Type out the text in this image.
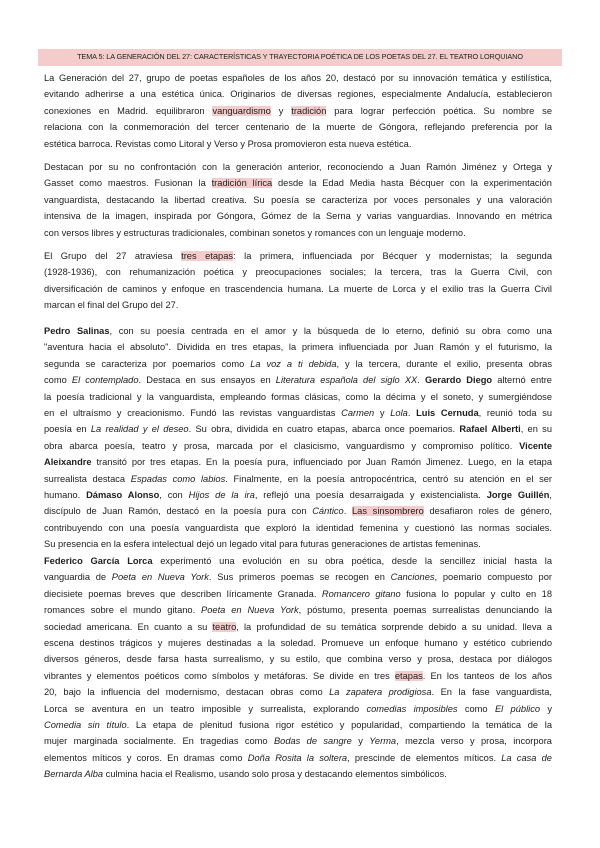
TEMA 5: LA GENERACIÓN DEL 27: CARACTERÍSTICAS Y TRAYECTORIA POÉTICA DE LOS POETAS DEL 27. EL TEATRO LORQUIANO
La Generación del 27, grupo de poetas españoles de los años 20, destacó por su innovación temática y estilística,
evitando adherirse a una estética única. Originarios de diversas regiones, especialmente Andalucía, establecieron
conexiones en Madrid. equilibraron vanguardismo y tradición para lograr perfección poética. Su nombre se
relaciona con la conmemoración del tercer centenario de la muerte de Góngora, reflejando preferencia por la
estética barroca. Revistas como Litoral y Verso y Prosa promovieron esta nueva estética.
Destacan por su no confrontación con la generación anterior, reconociendo a Juan Ramón Jiménez y Ortega y
Gasset como maestros. Fusionan la tradición lírica desde la Edad Media hasta Bécquer con la experimentación
vanguardista, destacando la libertad creativa. Su poesía se caracteriza por voces personales y una valoración
intensiva de la imagen, inspirada por Góngora, Gómez de la Serna y varias vanguardias. Innovando en métrica
con versos libres y estructuras tradicionales, combinan sonetos y romances con un lenguaje moderno.
El Grupo del 27 atraviesa tres etapas: la primera, influenciada por Bécquer y modernistas; la segunda
(1928-1936), con rehumanización poética y preocupaciones sociales; la tercera, tras la Guerra Civil, con
diversificación de caminos y enfoque en trascendencia humana. La muerte de Lorca y el exilio tras la Guerra Civil
marcan el final del Grupo del 27.
Pedro Salinas, con su poesía centrada en el amor y la búsqueda de lo eterno, definió su obra como una
"aventura hacia el absoluto". Dividida en tres etapas, la primera influenciada por Juan Ramón y el futurismo, la
segunda se caracteriza por poemarios como La voz a ti debida, y la tercera, durante el exilio, presenta obras
como El contemplado. Destaca en sus ensayos en Literatura española del siglo XX. Gerardo Diego alternó entre
la poesía tradicional y la vanguardista, empleando formas clásicas, como la décima y el soneto, y sumergiéndose
en el ultraísmo y creacionismo. Fundó las revistas vanguardistas Carmen y Lola. Luis Cernuda, reunió toda su
poesía en La realidad y el deseo. Su obra, dividida en cuatro etapas, abarca once poemarios. Rafael Alberti, en su
obra abarca poesía, teatro y prosa, marcada por el clasicismo, vanguardismo y compromiso político. Vicente
Aleixandre transitó por tres etapas. En la poesía pura, influenciado por Juan Ramón Jimenez. Luego, en la etapa
surrealista destaca Espadas como labios. Finalmente, en la poesía antropocéntrica, centró su atención en el ser
humano. Dámaso Alonso, con Hijos de la ira, reflejó una poesía desarraigada y existencialista. Jorge Guillén,
discípulo de Juan Ramón, destacó en la poesía pura con Cántico. Las sinsombrero desafiaron roles de género,
contribuyendo con una poesía vanguardista que exploró la identidad femenina y cuestionó las normas sociales.
Su presencia en la esfera intelectual dejó un legado vital para futuras generaciones de artistas femeninas.
Federico García Lorca experimentó una evolución en su obra poética, desde la sencillez inicial hasta la
vanguardia de Poeta en Nueva York. Sus primeros poemas se recogen en Canciones, poemario compuesto por
diecisiete poemas breves que describen líricamente Granada. Romancero gitano fusiona lo popular y culto en 18
romances sobre el mundo gitano. Poeta en Nueva York, póstumo, presenta poemas surrealistas denunciando la
sociedad americana. En cuanto a su teatro, la profundidad de su temática sorprende debido a su unidad. lleva a
escena destinos trágicos y mujeres destinadas a la soledad. Promueve un enfoque humano y estético cubriendo
diversos géneros, desde farsa hasta surrealismo, y su estilo, que combina verso y prosa, destaca por diálogos
vibrantes y elementos poéticos como símbolos y metáforas. Se divide en tres etapas. En los tanteos de los años
20, bajo la influencia del modernismo, destacan obras como La zapatera prodigiosa. En la fase vanguardista,
Lorca se aventura en un teatro imposible y surrealista, explorando comedias imposibles como El público y
Comedia sin título. La etapa de plenitud fusiona rigor estético y popularidad, compartiendo la temática de la
mujer marginada socialmente. En tragedias como Bodas de sangre y Yerma, mezcla verso y prosa, incorpora
elementos míticos y coros. En dramas como Doña Rosita la soltera, prescinde de elementos míticos. La casa de
Bernarda Alba culmina hacia el Realismo, usando solo prosa y destacando elementos simbólicos.
